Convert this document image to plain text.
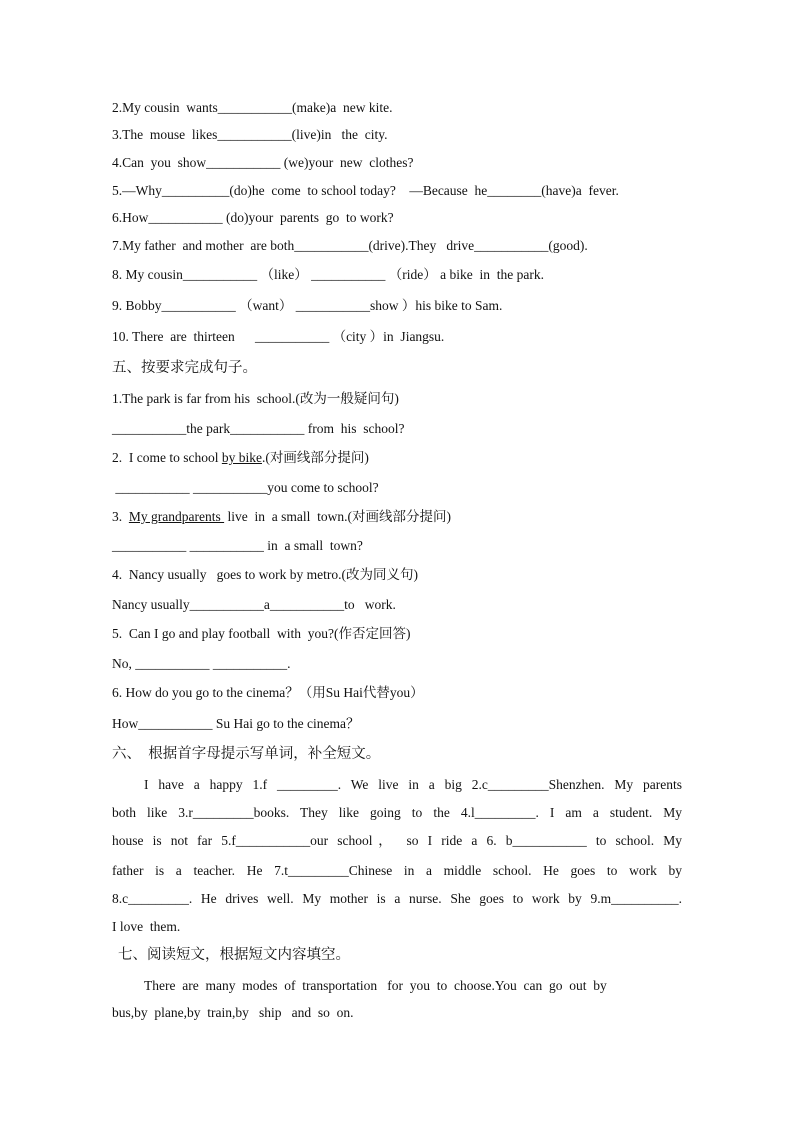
2.My cousin  wants___________(make)a  new kite.
3.The  mouse  likes___________(live)in   the  city.
4.Can  you  show___________ (we)your  new  clothes?
5.—Why__________(do)he  come  to school today?    —Because  he________(have)a  fever.
6.How___________ (do)your  parents  go  to work?
7.My father  and mother  are both___________(drive).They   drive___________(good).
8. My cousin___________ （like） ___________ （ride） a bike  in  the park.
9. Bobby___________ （want） ___________show ）his bike to Sam.
10. There  are  thirteen      ___________ （city ）in  Jiangsu.
五、按要求完成句子。
1.The park is far from his  school.(改为一般疑问句)
___________the park___________ from  his  school?
2.  I come to school by bike.(对画线部分提问)
___________ ___________you come to school?
3.  My grandparents  live  in  a small  town.(对画线部分提问)
___________ ___________ in  a small  town?
4.  Nancy usually   goes to work by metro.(改为同义句)
Nancy usually___________a___________to   work.
5.  Can I go and play football  with  you?(作否定回答)
No, ___________ ___________.
6. How do you go to the cinema？（用Su Hai代替you）
How___________ Su Hai go to the cinema？
六、  根据首字母提示写单词，补全短文。
I have a happy 1.f _________. We live in a big 2.c_________Shenzhen. My parents
both like 3.r_________books. They like going to the 4.l_________. I am a student. My
house is not far 5.f___________our school， so I ride a 6. b___________ to school. My
father is a teacher. He 7.t_________Chinese in a middle school. He goes to work by
8.c_________. He drives well. My mother is a nurse. She goes to work by 9.m__________.
I love  them.
七、阅读短文，根据短文内容填空。
There  are  many  modes  of  transportation   for  you  to  choose.You  can  go  out  by
bus,by  plane,by  train,by   ship   and  so  on.
